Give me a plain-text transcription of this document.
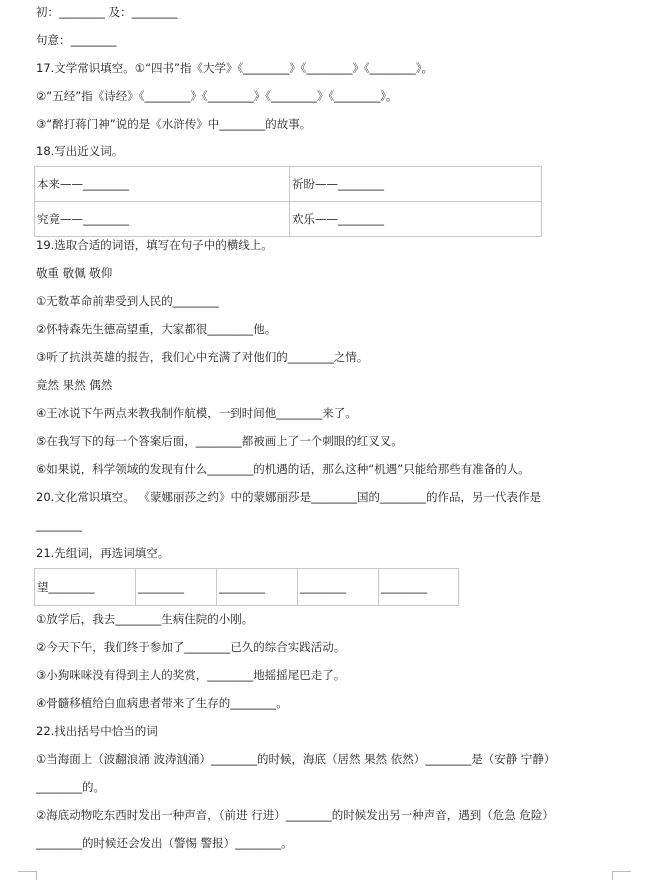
初：________ 及：________
句意：________
17.文学常识填空。①“四书”指《大学》《________》《________》《________》。
②“五经”指《诗经》《________》《________》《________》《________》。
③“醉打蒋门神”说的是《水浒传》中________的故事。
18.写出近义词。
19.选取合适的词语，填写在句子中的横线上。
敬重 敬佩 敬仰
①无数革命前辈受到人民的________
②怀特森先生德高望重，大家都很________他。
③听了抗洪英雄的报告，我们心中充满了对他们的________之情。
竟然 果然 偶然
④王冰说下午两点来教我制作航模，一到时间他________来了。
⑤在我写下的每一个答案后面，________都被画上了一个刺眼的红叉叉。
⑥如果说，科学领域的发现有什么________的机遇的话，那么这种“机遇”只能给那些有准备的人。
20.文化常识填空。 《蒙娜丽莎之约》中的蒙娜丽莎是________国的________的作品，另一代表作是
________
21.先组词，再选词填空。
①放学后，我去________生病住院的小刚。
②今天下午，我们终于参加了________已久的综合实践活动。
③小狗咪咪没有得到主人的奖赏，________地摇摇尾巴走了。
④骨髓移植给白血病患者带来了生存的________。
22.找出括号中恰当的词
①当海面上（波翻浪涌 波涛汹涌）________的时候，海底（居然 果然 依然）________是（安静 宁静）
________的。
②海底动物吃东西时发出一种声音，（前进 行进）________的时候发出另一种声音，遇到（危急 危险）
________的时候还会发出（警惕 警报）________。
本来——________	祈盼——________
究竟——________	欢乐——________
望________	________	________	________	________
